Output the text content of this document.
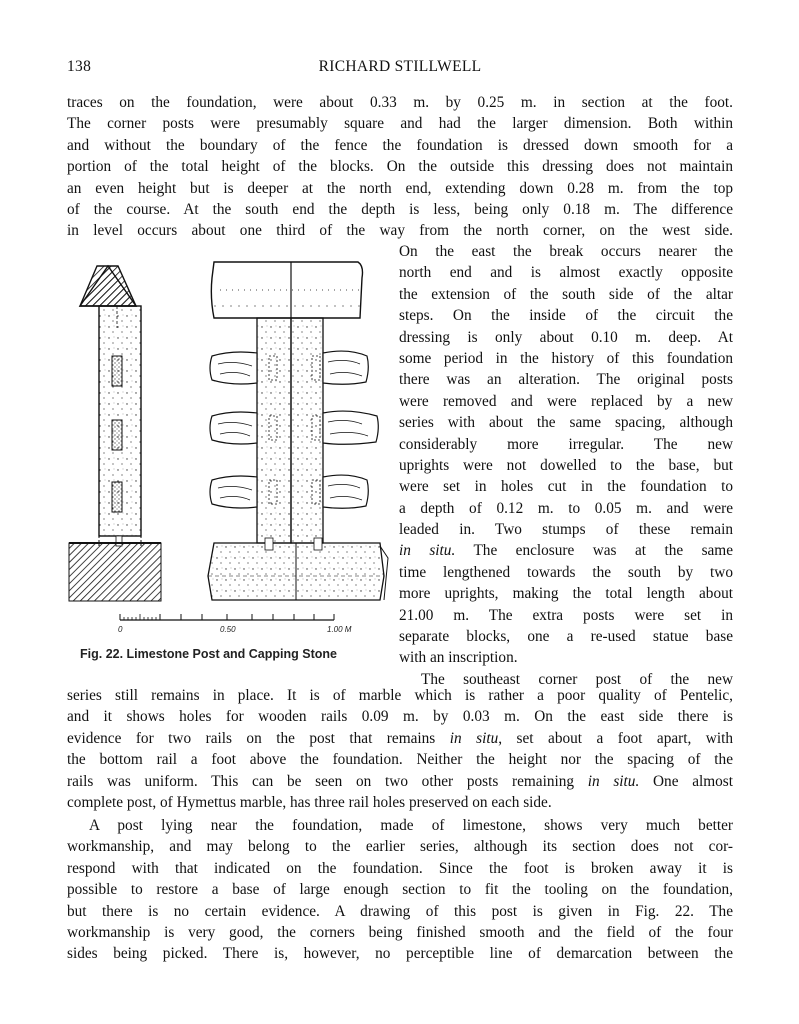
138	RICHARD STILLWELL
traces on the foundation, were about 0.33 m. by 0.25 m. in section at the foot.
The corner posts were presumably square and had the larger dimension. Both within
and without the boundary of the fence the foundation is dressed down smooth for a
portion of the total height of the blocks. On the outside this dressing does not maintain
an even height but is deeper at the north end, extending down 0.28 m. from the top
of the course. At the south end the depth is less, being only 0.18 m. The difference
in level occurs about one third of the way from the north corner, on the west side.
On the east the break occurs nearer the
north end and is almost exactly opposite
the extension of the south side of the altar
steps. On the inside of the circuit the
dressing is only about 0.10 m. deep. At
some period in the history of this foundation
there was an alteration. The original posts
were removed and were replaced by a new
series with about the same spacing, although
considerably more irregular. The new
uprights were not dowelled to the base, but
were set in holes cut in the foundation to
a depth of 0.12 m. to 0.05 m. and were
leaded in. Two stumps of these remain
in situ. The enclosure was at the same
time lengthened towards the south by two
more uprights, making the total length about
21.00 m. The extra posts were set in
separate blocks, one a re-used statue base
with an inscription.
The southeast corner post of the new
series still remains in place. It is of marble which is rather a poor quality of Pentelic,
and it shows holes for wooden rails 0.09 m. by 0.03 m. On the east side there is
evidence for two rails on the post that remains in situ, set about a foot apart, with
the bottom rail a foot above the foundation. Neither the height nor the spacing of the
rails was uniform. This can be seen on two other posts remaining in situ. One almost
complete post, of Hymettus marble, has three rail holes preserved on each side.
A post lying near the foundation, made of limestone, shows very much better
workmanship, and may belong to the earlier series, although its section does not cor-
respond with that indicated on the foundation. Since the foot is broken away it is
possible to restore a base of large enough section to fit the tooling on the foundation,
but there is no certain evidence. A drawing of this post is given in Fig. 22. The
workmanship is very good, the corners being finished smooth and the field of the four
sides being picked. There is, however, no perceptible line of demarcation between the
0	0.50	1.00 M
Fig. 22. Limestone Post and Capping Stone
